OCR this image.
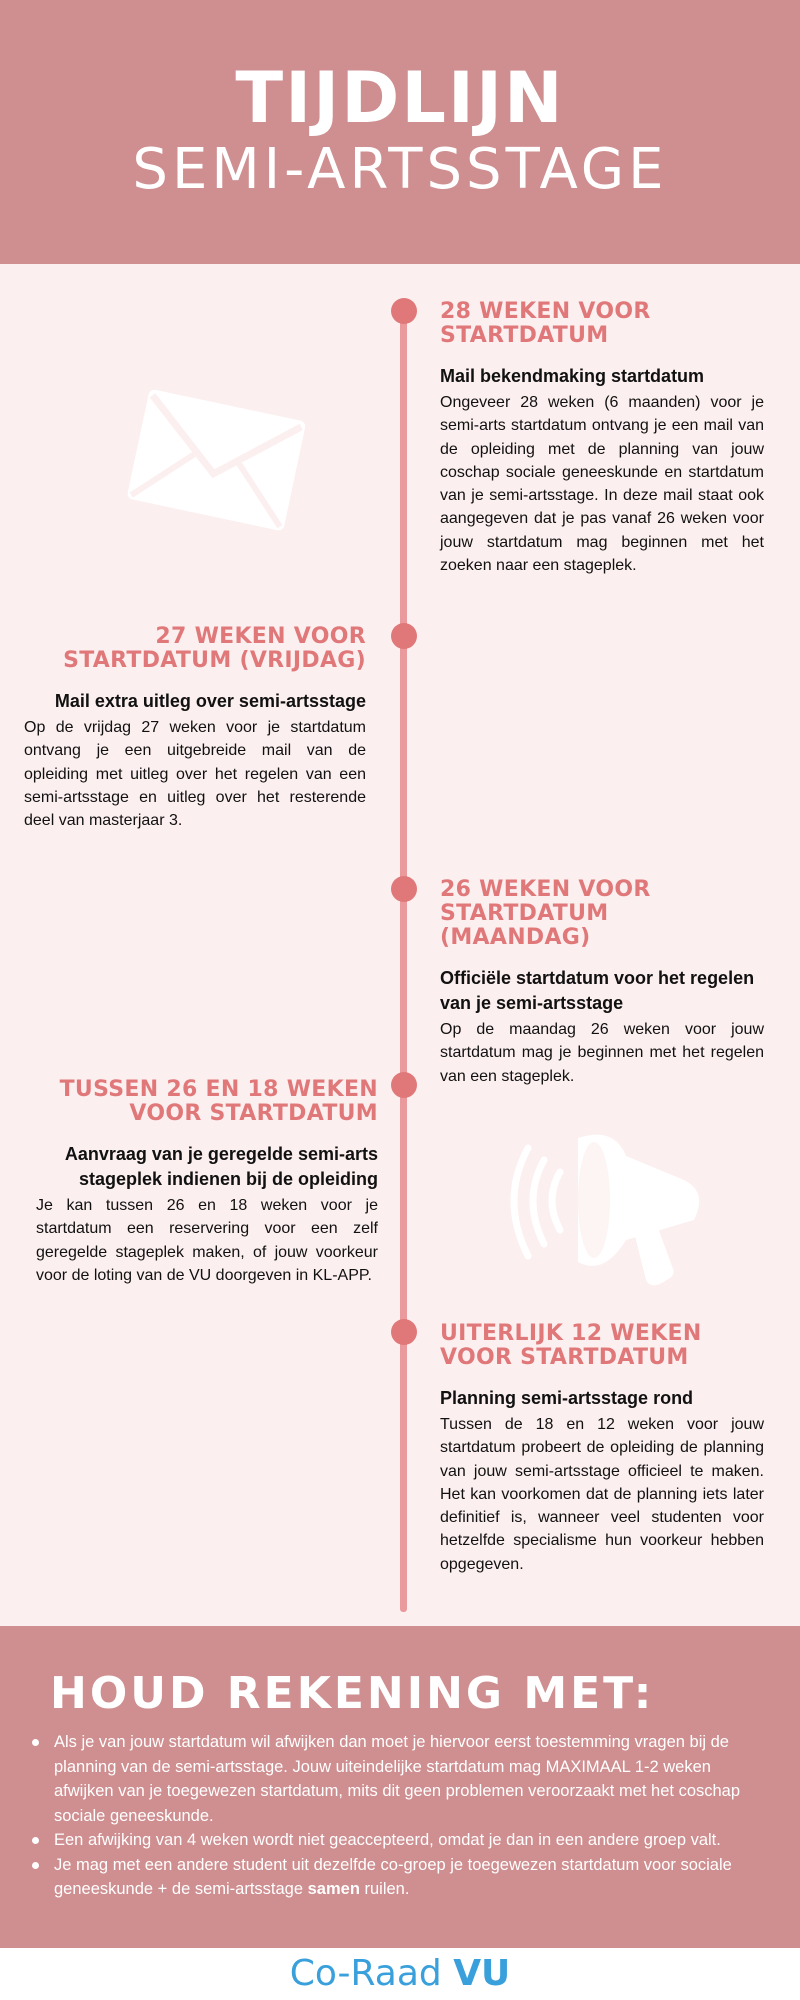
TIJDLIJN
SEMI-ARTSSTAGE
28 WEKEN VOOR STARTDATUM
Mail bekendmaking startdatum

Ongeveer 28 weken (6 maanden) voor je semi-arts startdatum ontvang je een mail van de opleiding met de planning van jouw coschap sociale geneeskunde en startdatum van je semi-artsstage. In deze mail staat ook aangegeven dat je pas vanaf 26 weken voor jouw startdatum mag beginnen met het zoeken naar een stageplek.

27 WEKEN VOOR STARTDATUM (VRIJDAG)
Mail extra uitleg over semi-artsstage

Op de vrijdag 27 weken voor je startdatum ontvang je een uitgebreide mail van de opleiding met uitleg over het regelen van een semi-artsstage en uitleg over het resterende deel van masterjaar 3.

26 WEKEN VOOR STARTDATUM (MAANDAG)
Officiële startdatum voor het regelen van je semi-artsstage

Op de maandag 26 weken voor jouw startdatum mag je beginnen met het regelen van een stageplek.

TUSSEN 26 EN 18 WEKEN VOOR STARTDATUM
Aanvraag van je geregelde semi-arts stageplek indienen bij de opleiding

Je kan tussen 26 en 18 weken voor je startdatum een reservering voor een zelf geregelde stageplek maken, of jouw voorkeur voor de loting van de VU doorgeven in KL-APP.

UITERLIJK 12 WEKEN VOOR STARTDATUM
Planning semi-artsstage rond

Tussen de 18 en 12 weken voor jouw startdatum probeert de opleiding de planning van jouw semi-artsstage officieel te maken. Het kan voorkomen dat de planning iets later definitief is, wanneer veel studenten voor hetzelfde specialisme hun voorkeur hebben opgegeven.

HOUD REKENING MET:
Als je van jouw startdatum wil afwijken dan moet je hiervoor eerst toestemming vragen bij de planning van de semi-artsstage. Jouw uiteindelijke startdatum mag MAXIMAAL 1-2 weken afwijken van je toegewezen startdatum, mits dit geen problemen veroorzaakt met het coschap sociale geneeskunde.
Een afwijking van 4 weken wordt niet geaccepteerd, omdat je dan in een andere groep valt.
Je mag met een andere student uit dezelfde co-groep je toegewezen startdatum voor sociale geneeskunde + de semi-artsstage samen ruilen.
Co-Raad VU
